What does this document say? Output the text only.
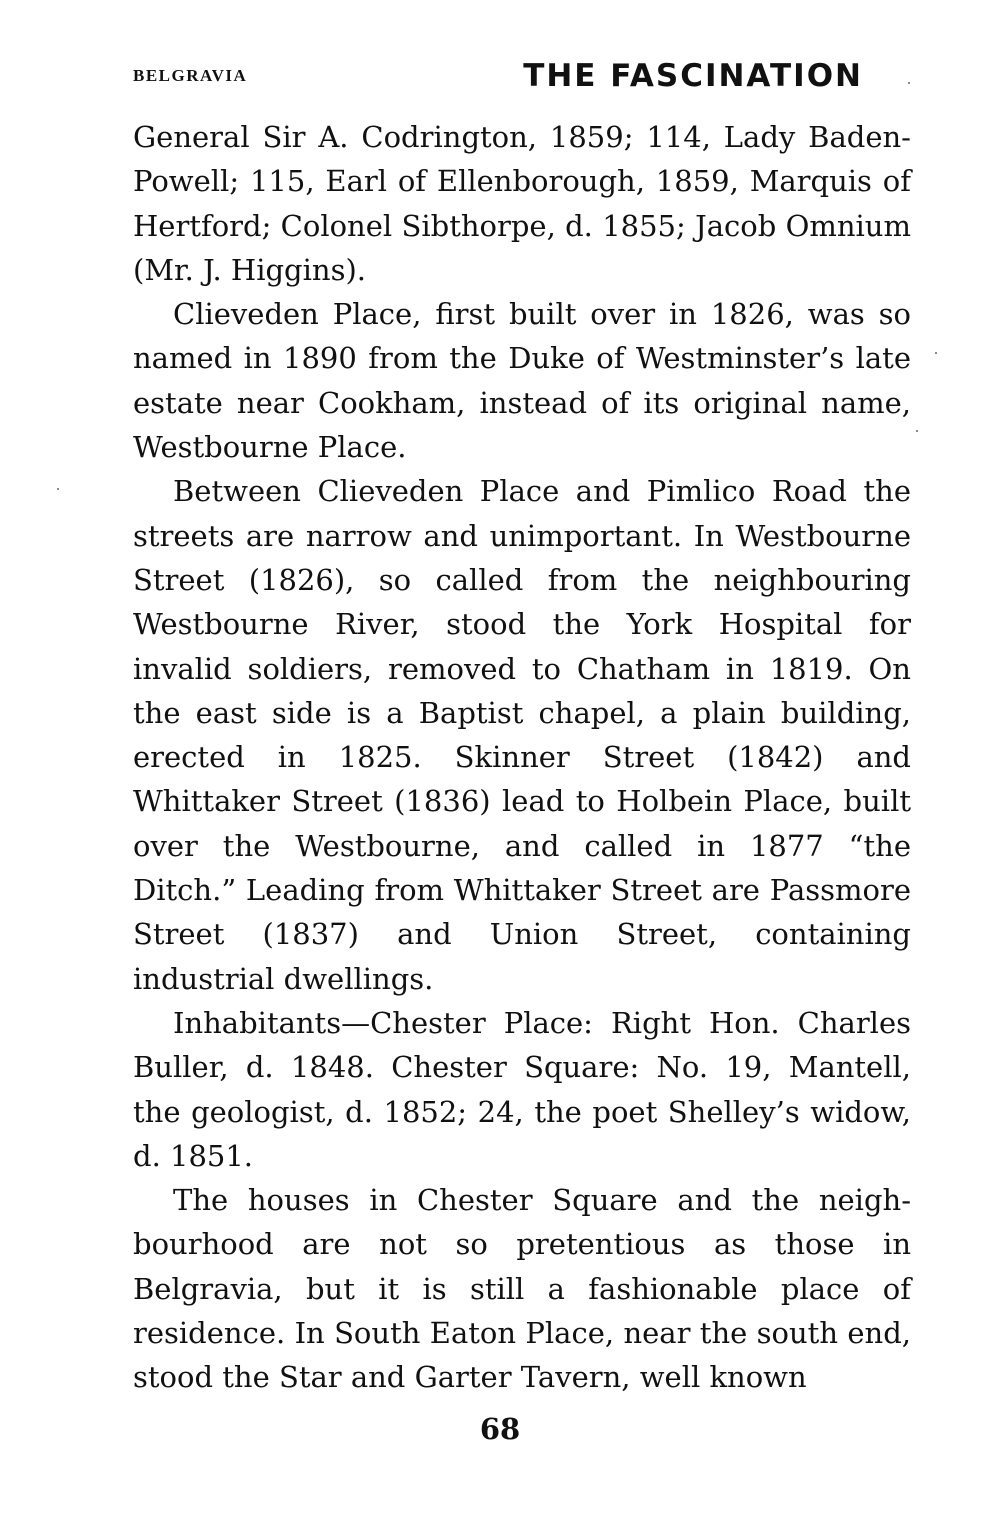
BELGRAVIA	THE FASCINATION

General Sir A. Codrington, 1859; 114, Lady Baden-Powell; 115, Earl of Ellenborough, 1859, Marquis of Hertford; Colonel Sibthorpe, d. 1855; Jacob Omnium (Mr. J. Higgins).

Clieveden Place, first built over in 1826, was so named in 1890 from the Duke of Westminster’s late estate near Cookham, instead of its original name, Westbourne Place.

Between Clieveden Place and Pimlico Road the streets are narrow and unimportant. In Westbourne Street (1826), so called from the neighbouring Westbourne River, stood the York Hospital for invalid soldiers, removed to Chatham in 1819. On the east side is a Baptist chapel, a plain building, erected in 1825. Skinner Street (1842) and Whittaker Street (1836) lead to Holbein Place, built over the Westbourne, and called in 1877 “the Ditch.” Leading from Whittaker Street are Passmore Street (1837) and Union Street, containing industrial dwellings.

Inhabitants—Chester Place: Right Hon. Charles Buller, d. 1848. Chester Square: No. 19, Mantell, the geologist, d. 1852; 24, the poet Shelley’s widow, d. 1851.

The houses in Chester Square and the neighbourhood are not so pretentious as those in Belgravia, but it is still a fashionable place of residence. In South Eaton Place, near the south end, stood the Star and Garter Tavern, well known

68
